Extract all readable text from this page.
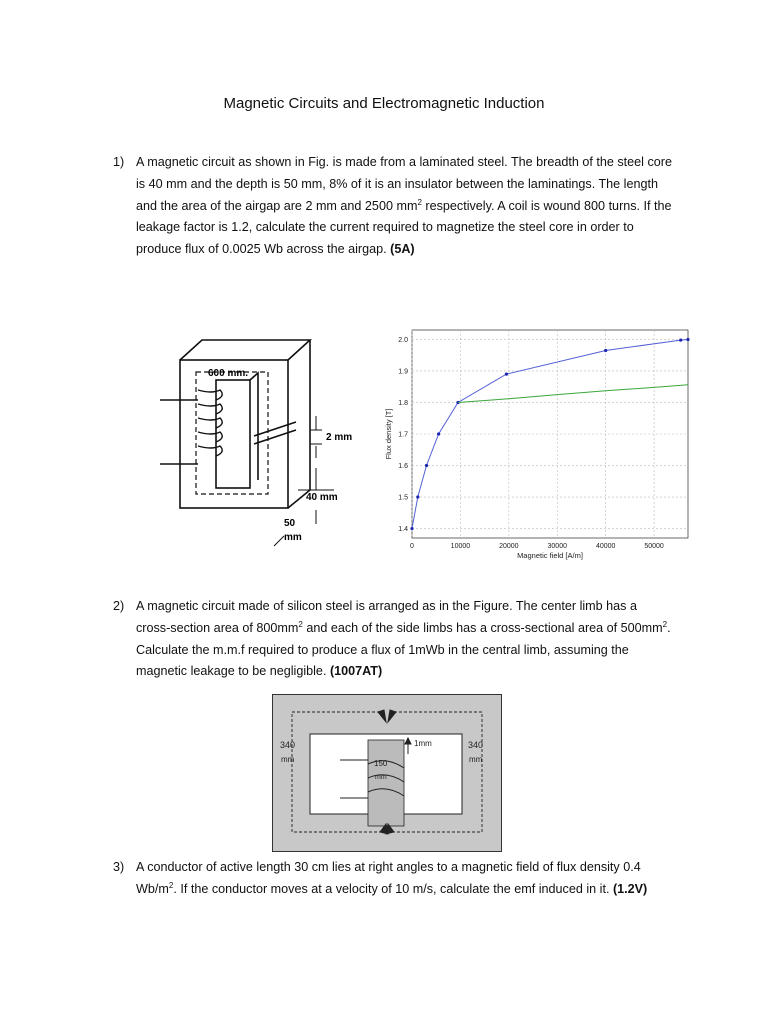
Magnetic Circuits and Electromagnetic Induction
1) A magnetic circuit as shown in Fig. is made from a laminated steel. The breadth of the steel core is 40 mm and the depth is 50 mm, 8% of it is an insulator between the laminatings. The length and the area of the airgap are 2 mm and 2500 $mm^2$ respectively. A coil is wound 800 turns. If the leakage factor is 1.2, calculate the current required to magnetize the steel core in order to produce flux of 0.0025 Wb across the airgap. (5A)
600 mm.
2 mm
40 mm
50
mm
0	10000	20000	30000	40000	50000
1.4
1.5
1.6
1.7
1.8
1.9
2.0
Magnetic field [A/m]
Flux density [T]
2) A magnetic circuit made of silicon steel is arranged as in the Figure. The center limb has a cross-section area of $800mm^2$ and each of the side limbs has a cross-sectional area of $500mm^2$. Calculate the m.m.f required to produce a flux of 1mWb in the central limb, assuming the magnetic leakage to be negligible. (1007AT)
340
mm
340
mm
150
mm
1mm
3) A conductor of active length 30 cm lies at right angles to a magnetic field of flux density 0.4 $Wb/m^2$. If the conductor moves at a velocity of 10 m/s, calculate the emf induced in it. (1.2V)
